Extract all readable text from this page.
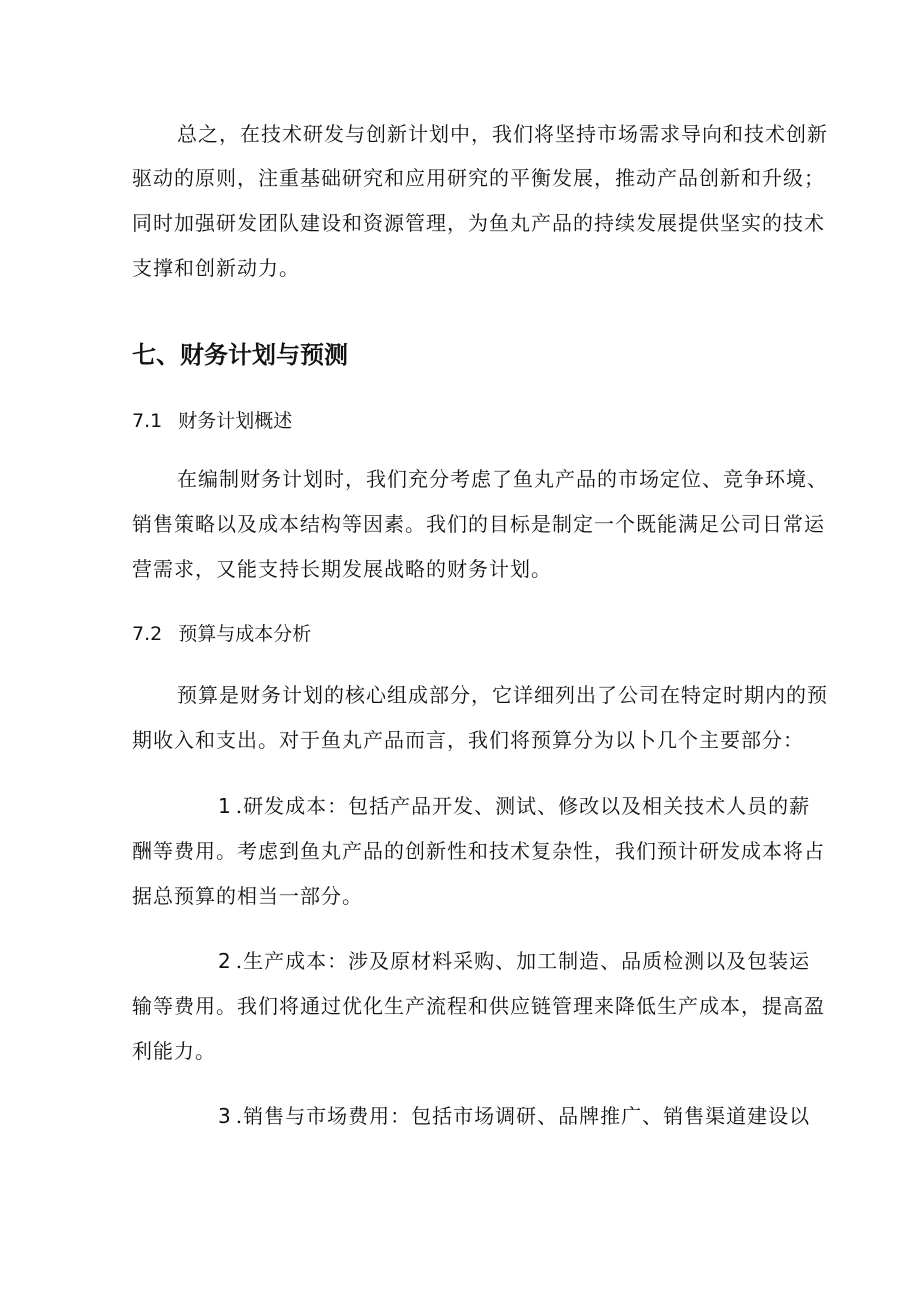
总之，在技术研发与创新计划中，我们将坚持市场需求导向和技术创新
驱动的原则，注重基础研究和应用研究的平衡发展，推动产品创新和升级；
同时加强研发团队建设和资源管理，为鱼丸产品的持续发展提供坚实的技术
支撑和创新动力。
七、财务计划与预测
7.1 财务计划概述
在编制财务计划时，我们充分考虑了鱼丸产品的市场定位、竞争环境、
销售策略以及成本结构等因素。我们的目标是制定一个既能满足公司日常运
营需求，又能支持长期发展战略的财务计划。
7.2 预算与成本分析
预算是财务计划的核心组成部分，它详细列出了公司在特定时期内的预
期收入和支出。对于鱼丸产品而言，我们将预算分为以卜几个主要部分：
1 .研发成本：包括产品开发、测试、修改以及相关技术人员的薪
酬等费用。考虑到鱼丸产品的创新性和技术复杂性，我们预计研发成本将占
据总预算的相当一部分。
2 .生产成本：涉及原材料采购、加工制造、品质检测以及包装运
输等费用。我们将通过优化生产流程和供应链管理来降低生产成本，提高盈
利能力。
3 .销售与市场费用：包括市场调研、品牌推广、销售渠道建设以
